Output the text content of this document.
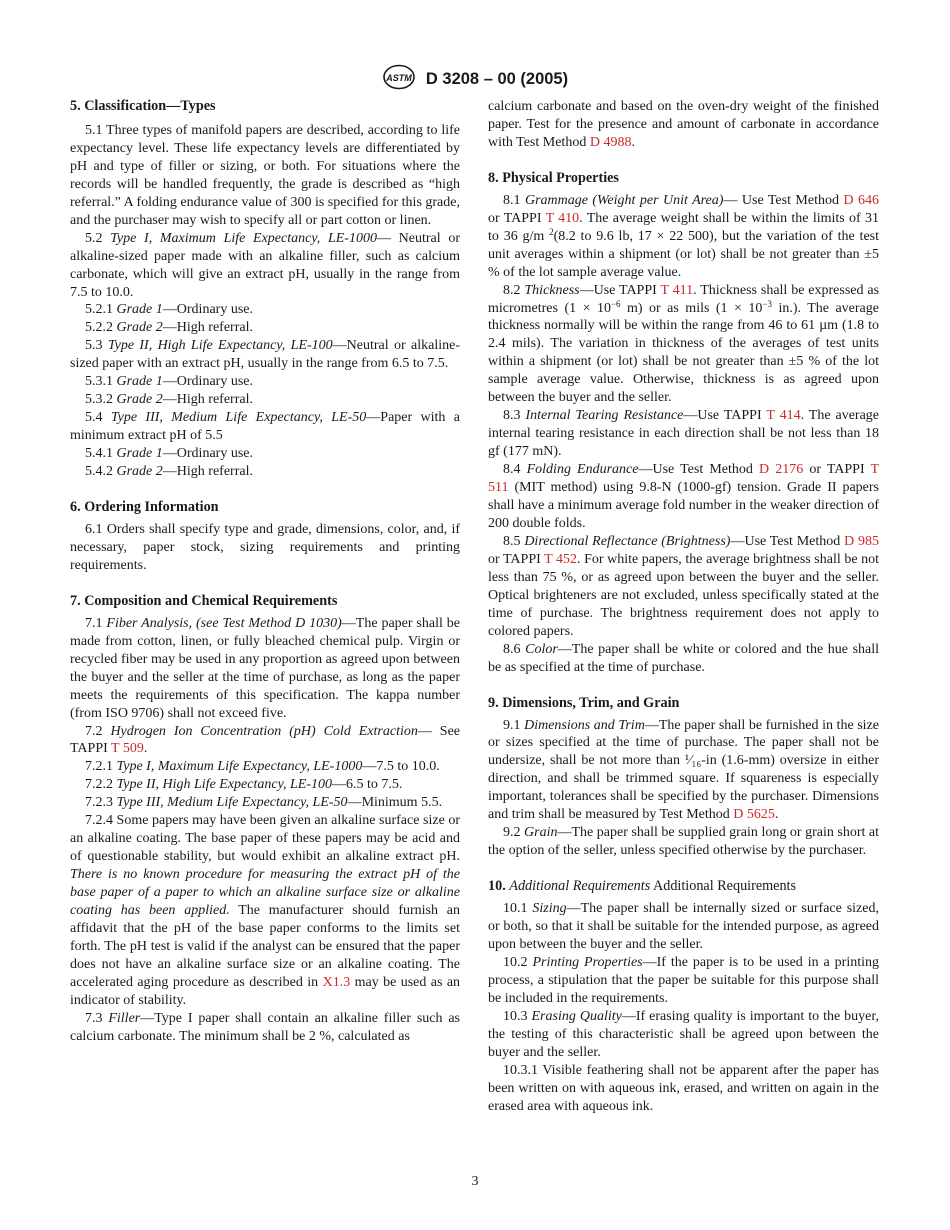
ASTM D 3208 – 00 (2005)
5. Classification—Types

5.1 Three types of manifold papers are described, according to life expectancy level. These life expectancy levels are differentiated by pH and type of filler or sizing, or both. For situations where the records will be handled frequently, the grade is described as “high referral.” A folding endurance value of 300 is specified for this grade, and the purchaser may wish to specify all or part cotton or linen.

5.2 Type I, Maximum Life Expectancy, LE-1000— Neutral or alkaline-sized paper made with an alkaline filler, such as calcium carbonate, which will give an extract pH, usually in the range from 7.5 to 10.0.

5.2.1 Grade 1—Ordinary use.

5.2.2 Grade 2—High referral.

5.3 Type II, High Life Expectancy, LE-100—Neutral or alkaline-sized paper with an extract pH, usually in the range from 6.5 to 7.5.

5.3.1 Grade 1—Ordinary use.

5.3.2 Grade 2—High referral.

5.4 Type III, Medium Life Expectancy, LE-50—Paper with a minimum extract pH of 5.5

5.4.1 Grade 1—Ordinary use.

5.4.2 Grade 2—High referral.

6. Ordering Information

6.1 Orders shall specify type and grade, dimensions, color, and, if necessary, paper stock, sizing requirements and printing requirements.

7. Composition and Chemical Requirements

7.1 Fiber Analysis, (see Test Method D 1030)—The paper shall be made from cotton, linen, or fully bleached chemical pulp. Virgin or recycled fiber may be used in any proportion as agreed upon between the buyer and the seller at the time of purchase, as long as the paper meets the requirements of this specification. The kappa number (from ISO 9706) shall not exceed five.

7.2 Hydrogen Ion Concentration (pH) Cold Extraction— See TAPPI T 509.

7.2.1 Type I, Maximum Life Expectancy, LE-1000—7.5 to 10.0.

7.2.2 Type II, High Life Expectancy, LE-100—6.5 to 7.5.

7.2.3 Type III, Medium Life Expectancy, LE-50—Minimum 5.5.

7.2.4 Some papers may have been given an alkaline surface size or an alkaline coating. The base paper of these papers may be acid and of questionable stability, but would exhibit an alkaline extract pH. There is no known procedure for measuring the extract pH of the base paper of a paper to which an alkaline surface size or alkaline coating has been applied. The manufacturer should furnish an affidavit that the pH of the base paper conforms to the limits set forth. The pH test is valid if the analyst can be ensured that the paper does not have an alkaline surface size or an alkaline coating. The accelerated aging procedure as described in X1.3 may be used as an indicator of stability.

7.3 Filler—Type I paper shall contain an alkaline filler such as calcium carbonate. The minimum shall be 2 %, calculated as

calcium carbonate and based on the oven-dry weight of the finished paper. Test for the presence and amount of carbonate in accordance with Test Method D 4988.

8. Physical Properties

8.1 Grammage (Weight per Unit Area)— Use Test Method D 646 or TAPPI T 410. The average weight shall be within the limits of 31 to 36 g/m $^2$(8.2 to 9.6 lb, 17 × 22 500), but the variation of the test unit averages within a shipment (or lot) shall be not greater than ±5 % of the lot sample average value.

8.2 Thickness—Use TAPPI T 411. Thickness shall be expressed as micrometres ($1 \times 10^{-6}$ m) or as mils ($1 \times 10^{-3}$ in.). The average thickness normally will be within the range from 46 to 61 µm (1.8 to 2.4 mils). The variation in thickness of the averages of test units within a shipment (or lot) shall be not greater than ±5 % of the lot sample average value. Otherwise, thickness is as agreed upon between the buyer and the seller.

8.3 Internal Tearing Resistance—Use TAPPI T 414. The average internal tearing resistance in each direction shall be not less than 18 gf (177 mN).

8.4 Folding Endurance—Use Test Method D 2176 or TAPPI T 511 (MIT method) using 9.8-N (1000-gf) tension. Grade II papers shall have a minimum average fold number in the weaker direction of 200 double folds.

8.5 Directional Reflectance (Brightness)—Use Test Method D 985 or TAPPI T 452. For white papers, the average brightness shall be not less than 75 %, or as agreed upon between the buyer and the seller. Optical brighteners are not excluded, unless specifically stated at the time of purchase. The brightness requirement does not apply to colored papers.

8.6 Color—The paper shall be white or colored and the hue shall be as specified at the time of purchase.

9. Dimensions, Trim, and Grain

9.1 Dimensions and Trim—The paper shall be furnished in the size or sizes specified at the time of purchase. The paper shall not be undersize, shall be not more than ¹⁄₁₆-in (1.6-mm) oversize in either direction, and shall be trimmed square. If squareness is especially important, tolerances shall be specified by the purchaser. Dimensions and trim shall be measured by Test Method D 5625.

9.2 Grain—The paper shall be supplied grain long or grain short at the option of the seller, unless specified otherwise by the purchaser.

10. Additional Requirements Additional Requirements

10.1 Sizing—The paper shall be internally sized or surface sized, or both, so that it shall be suitable for the intended purpose, as agreed upon between the buyer and the seller.

10.2 Printing Properties—If the paper is to be used in a printing process, a stipulation that the paper be suitable for this purpose shall be included in the requirements.

10.3 Erasing Quality—If erasing quality is important to the buyer, the testing of this characteristic shall be agreed upon between the buyer and the seller.

10.3.1 Visible feathering shall not be apparent after the paper has been written on with aqueous ink, erased, and written on again in the erased area with aqueous ink.

3
